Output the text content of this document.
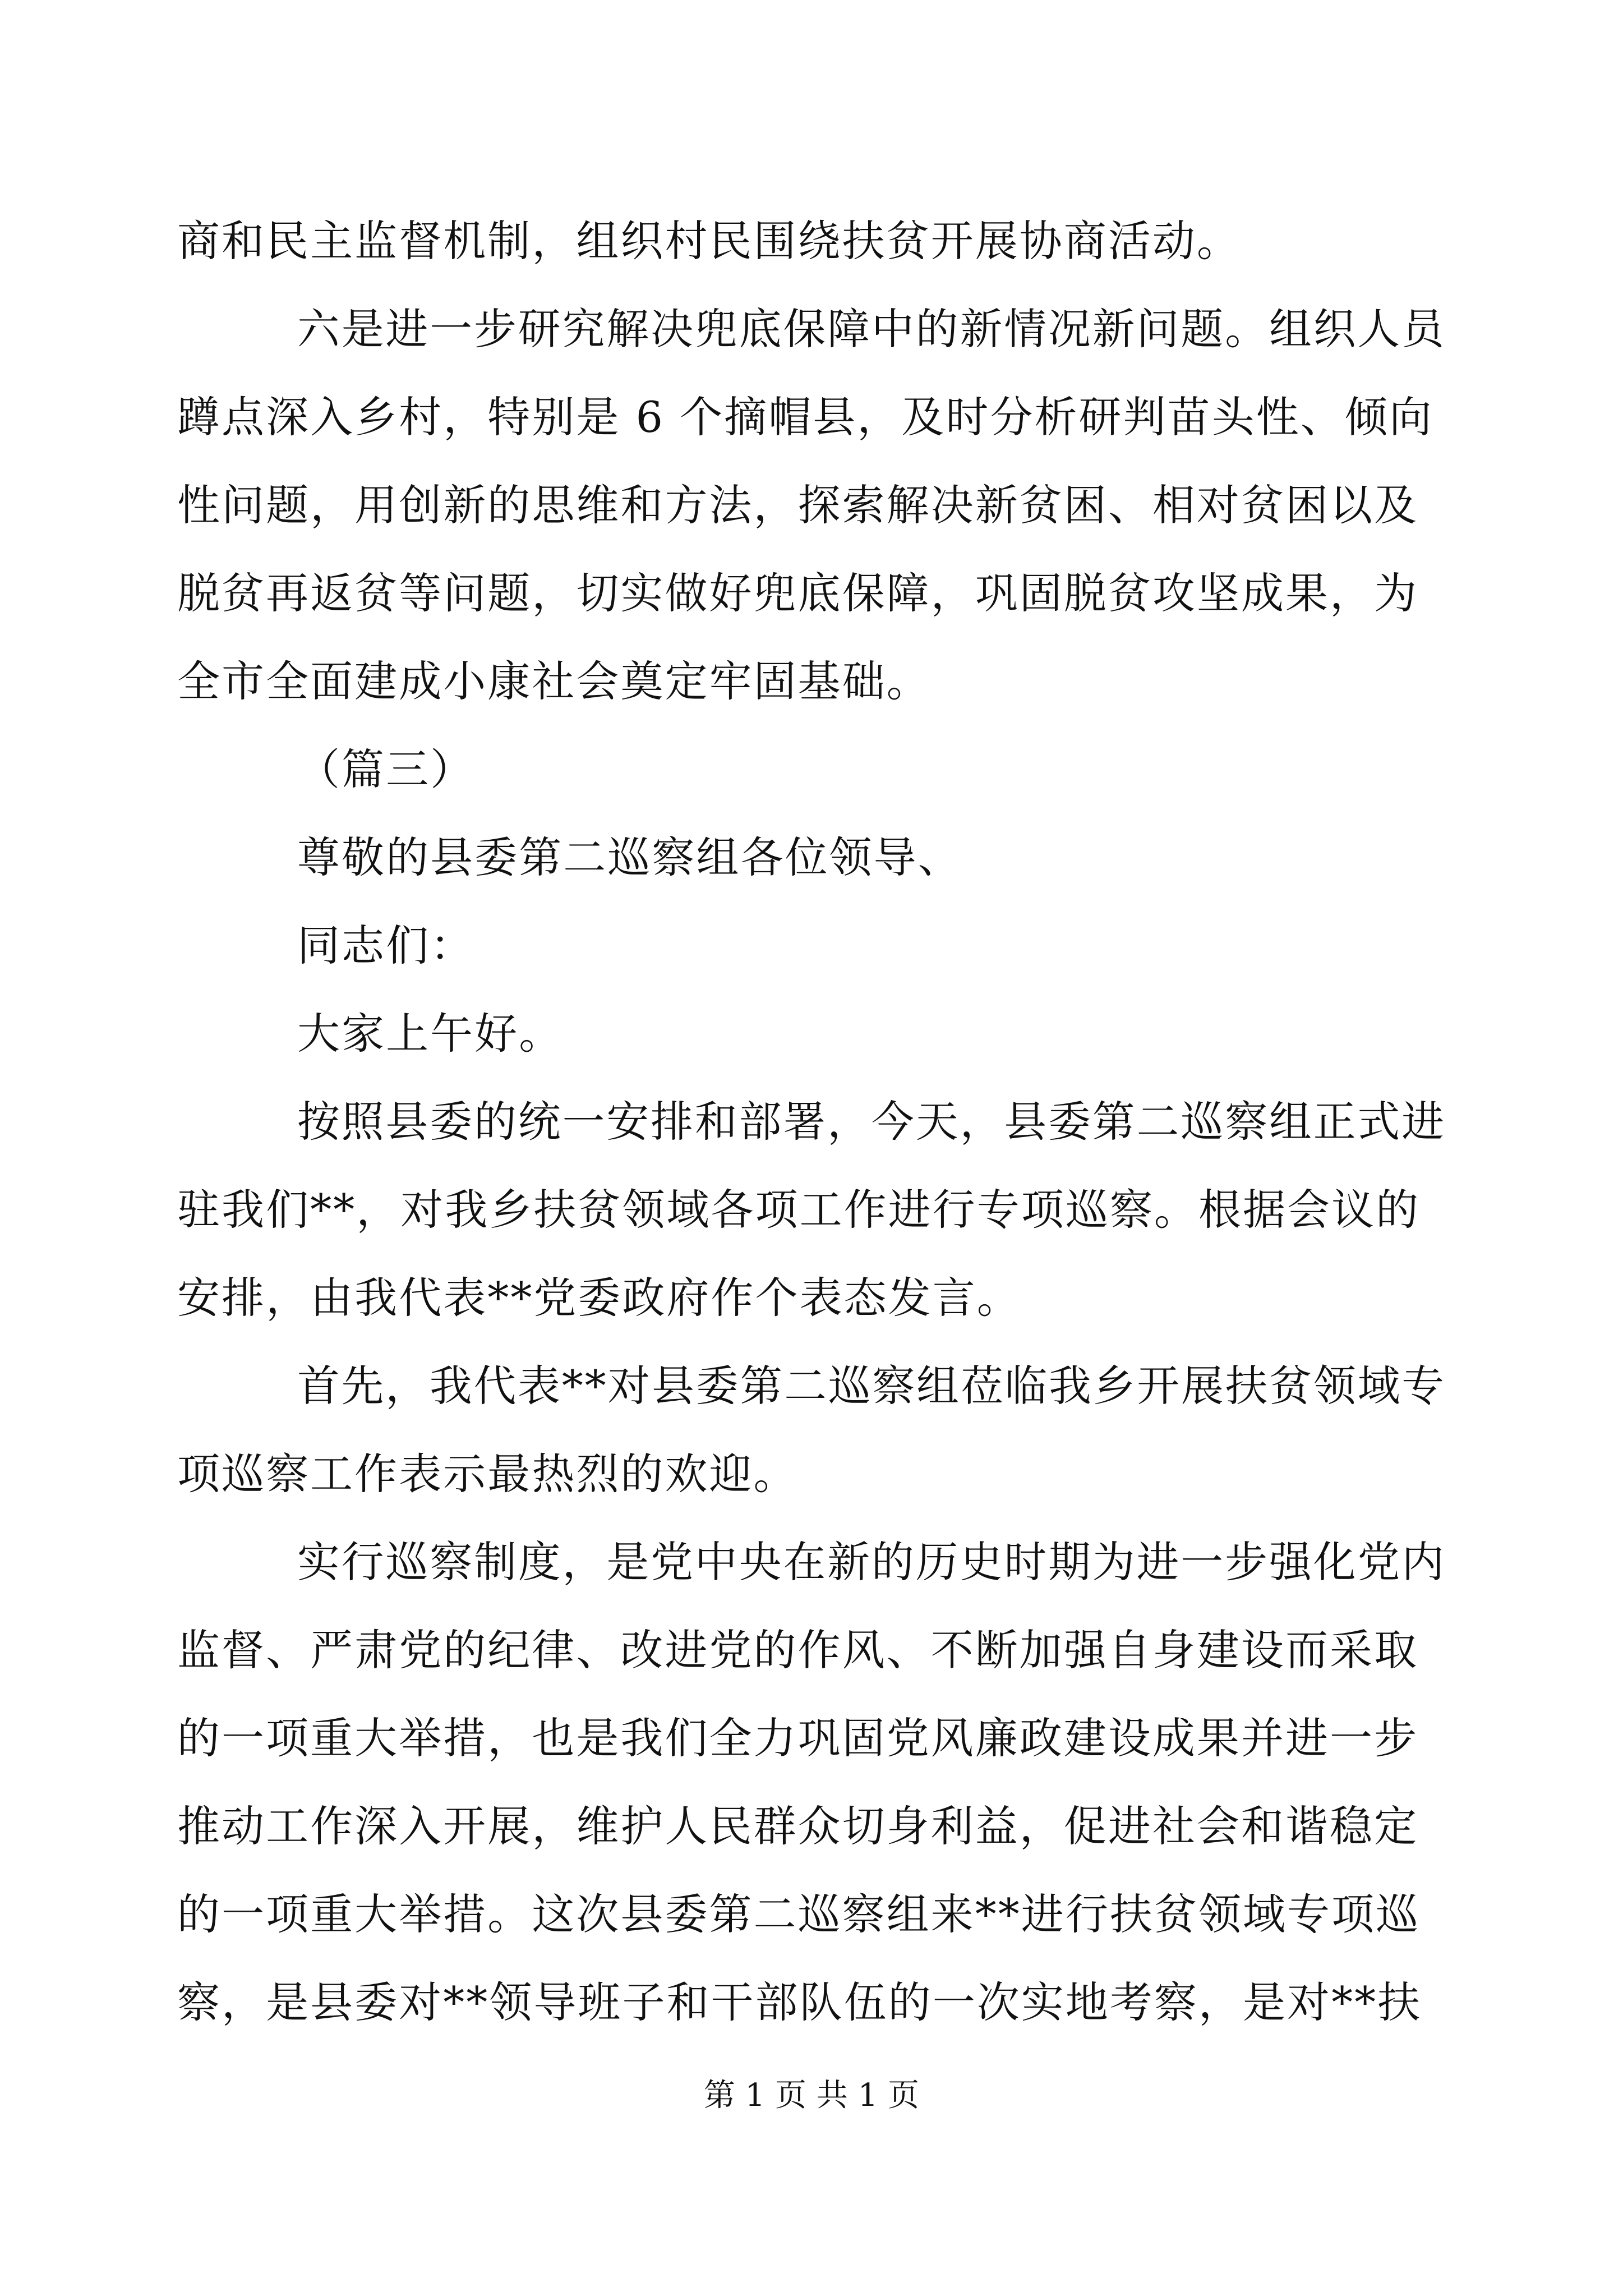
商和民主监督机制，组织村民围绕扶贫开展协商活动。
六是进一步研究解决兜底保障中的新情况新问题。组织人员
蹲点深入乡村，特别是 6 个摘帽县，及时分析研判苗头性、倾向
性问题，用创新的思维和方法，探索解决新贫困、相对贫困以及
脱贫再返贫等问题，切实做好兜底保障，巩固脱贫攻坚成果，为
全市全面建成小康社会奠定牢固基础。
（篇三）
尊敬的县委第二巡察组各位领导、
同志们：
大家上午好。
按照县委的统一安排和部署，今天，县委第二巡察组正式进
驻我们**，对我乡扶贫领域各项工作进行专项巡察。根据会议的
安排，由我代表**党委政府作个表态发言。
首先，我代表**对县委第二巡察组莅临我乡开展扶贫领域专
项巡察工作表示最热烈的欢迎。
实行巡察制度，是党中央在新的历史时期为进一步强化党内
监督、严肃党的纪律、改进党的作风、不断加强自身建设而采取
的一项重大举措，也是我们全力巩固党风廉政建设成果并进一步
推动工作深入开展，维护人民群众切身利益，促进社会和谐稳定
的一项重大举措。这次县委第二巡察组来**进行扶贫领域专项巡
察，是县委对**领导班子和干部队伍的一次实地考察，是对**扶
第 1 页 共 1 页
